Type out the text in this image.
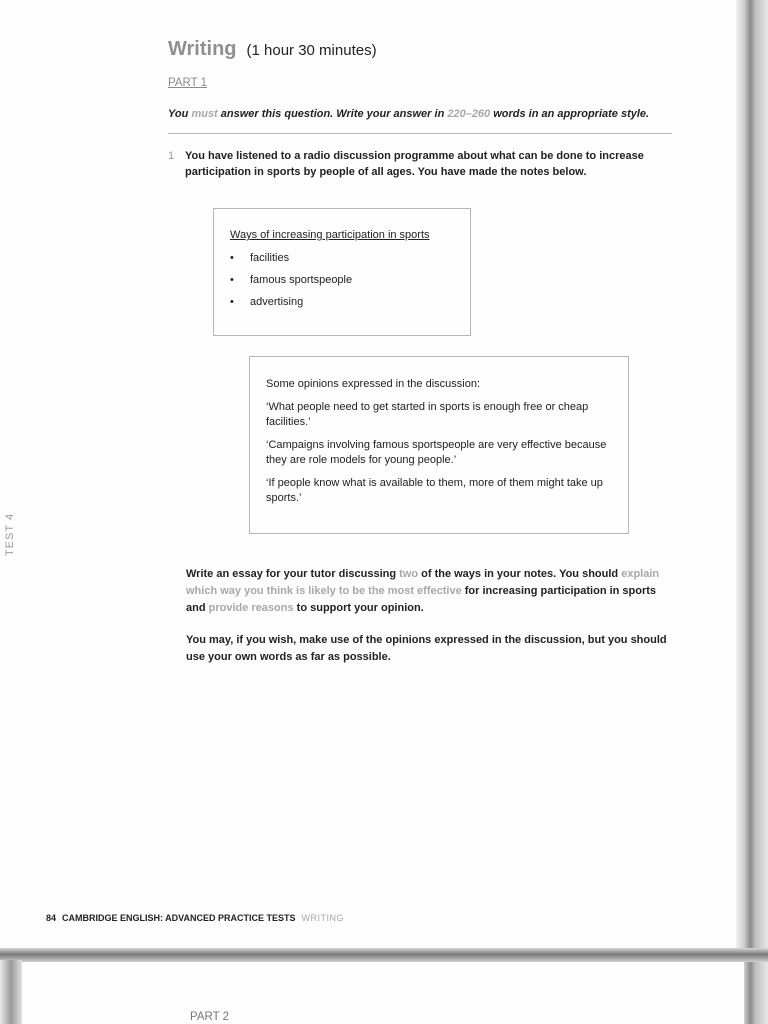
Writing (1 hour 30 minutes)
PART 1
You must answer this question. Write your answer in 220–260 words in an appropriate style.
1 You have listened to a radio discussion programme about what can be done to increase participation in sports by people of all ages. You have made the notes below.
Ways of increasing participation in sports
•	facilities
•	famous sportspeople
•	advertising

Some opinions expressed in the discussion:

‘What people need to get started in sports is enough free or cheap facilities.’

‘Campaigns involving famous sportspeople are very effective because they are role models for young people.’

‘If people know what is available to them, more of them might take up sports.’

TEST 4
Write an essay for your tutor discussing two of the ways in your notes. You should explain which way you think is likely to be the most effective for increasing participation in sports and provide reasons to support your opinion.
You may, if you wish, make use of the opinions expressed in the discussion, but you should use your own words as far as possible.
84 CAMBRIDGE ENGLISH: ADVANCED PRACTICE TESTS WRITING
PART 2
